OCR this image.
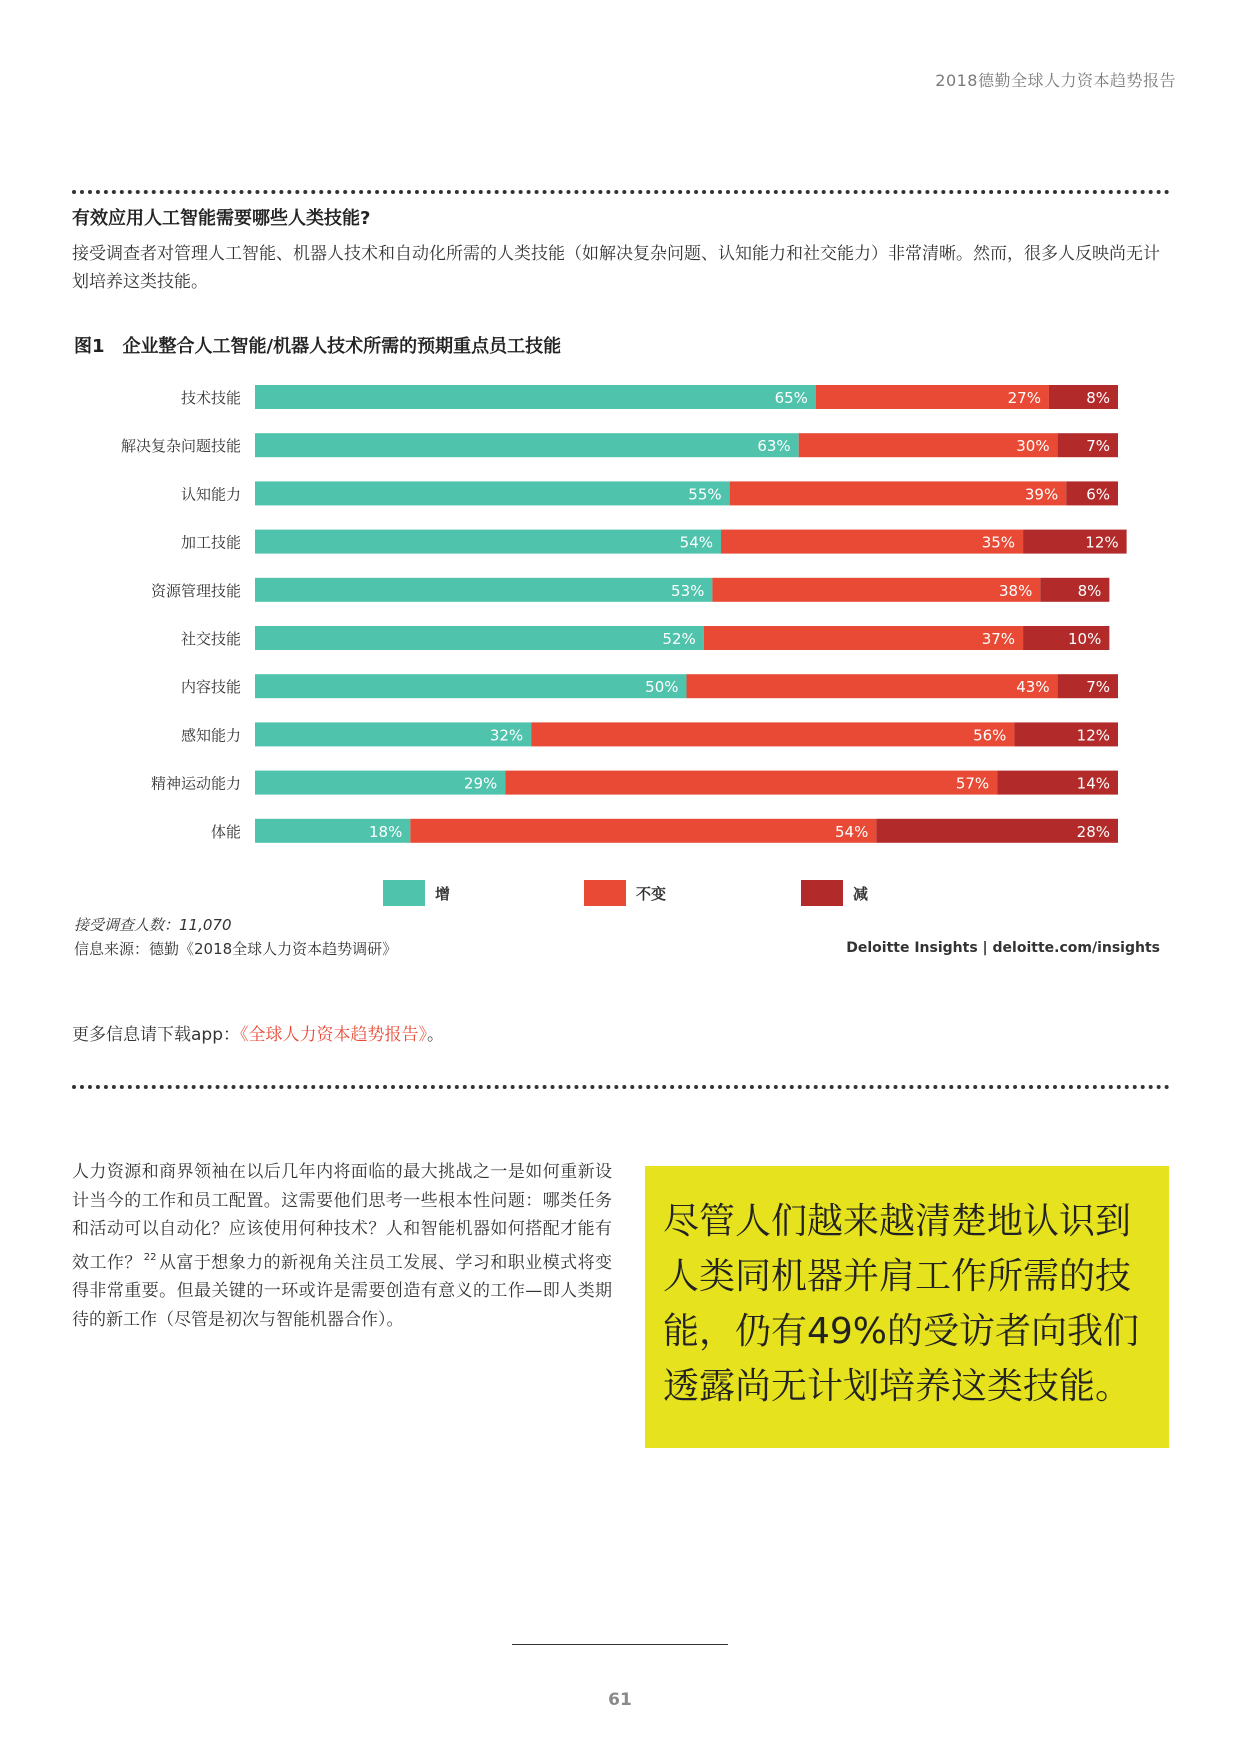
2018德勤全球人力资本趋势报告
有效应用人工智能需要哪些人类技能?
接受调查者对管理人工智能、机器人技术和自动化所需的人类技能（如解决复杂问题、认知能力和社交能力）非常清晰。然而，很多人反映尚无计划培养这类技能。
图1 企业整合人工智能/机器人技术所需的预期重点员工技能
技术技能	65%	27%	8%
解决复杂问题技能	63%	30% 7%
认知能力	55%	39% 6%
加工技能	54%	35%	12%
资源管理技能	53%	38%	8%
社交技能	52%	37%	10%
内容技能	50%	43% 7%
感知能力	32%	56%	12%
精神运动能力	29%	57%	14%
体能	18%	54%	28%
增	不变	减
接受调查人数：11,070
信息来源：德勤《2018全球人力资本趋势调研》	Deloitte Insights | deloitte.com/insights
更多信息请下载app：《全球人力资本趋势报告》。
人力资源和商界领袖在以后几年内将面临的最大挑战之一是如何重新设计当今的工作和员工配置。这需要他们思考一些根本性问题：哪类任务和活动可以自动化？应该使用何种技术？人和智能机器如何搭配才能有效工作？ $^{22}$ 从富于想象力的新视角关注员工发展、学习和职业模式将变得非常重要。但最关键的一环或许是需要创造有意义的工作—即人类期待的新工作（尽管是初次与智能机器合作）。
尽管人们越来越清楚地认识到人类同机器并肩工作所需的技能，仍有49%的受访者向我们透露尚无计划培养这类技能。
61
